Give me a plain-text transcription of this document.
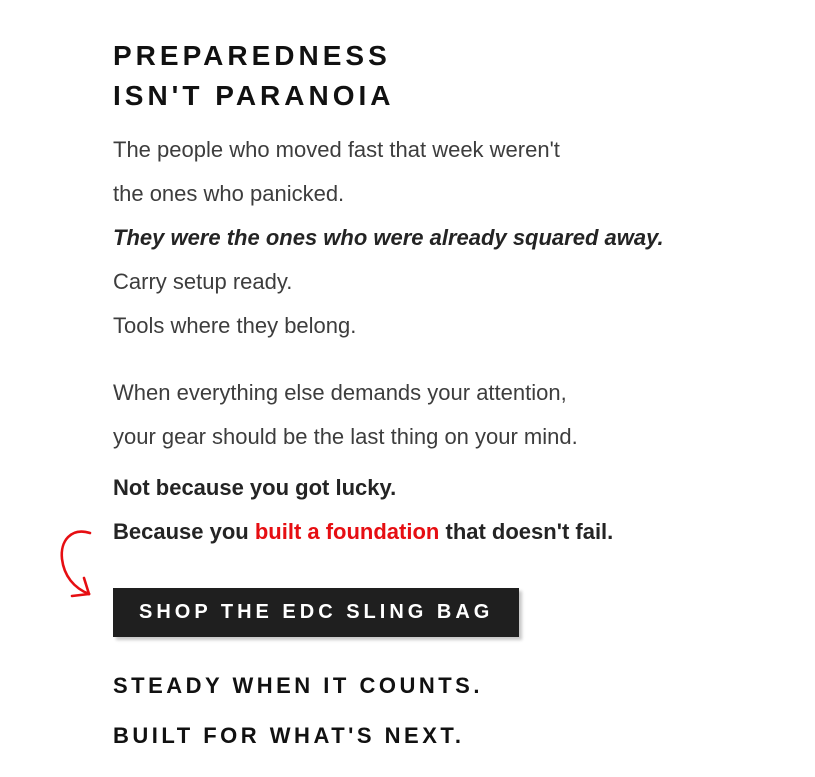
PREPAREDNESS
ISN'T PARANOIA
The people who moved fast that week weren't
the ones who panicked.
They were the ones who were already squared away.
Carry setup ready.
Tools where they belong.
When everything else demands your attention,
your gear should be the last thing on your mind.
Not because you got lucky.
Because you built a foundation that doesn't fail.
SHOP THE EDC SLING BAG
STEADY WHEN IT COUNTS.
BUILT FOR WHAT'S NEXT.
